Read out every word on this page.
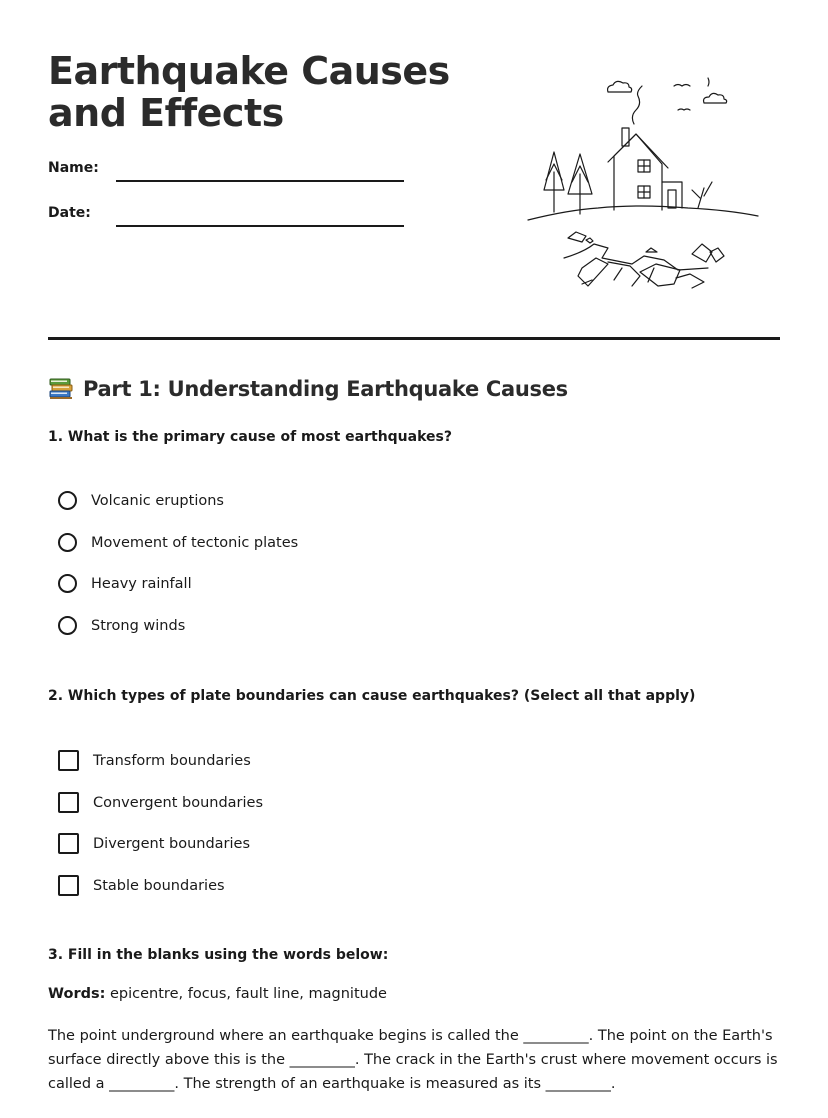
Earthquake Causes and Effects
Name:
Date:
Part 1: Understanding Earthquake Causes

1. What is the primary cause of most earthquakes?

Volcanic eruptions
Movement of tectonic plates
Heavy rainfall
Strong winds

2. Which types of plate boundaries can cause earthquakes? (Select all that apply)

Transform boundaries
Convergent boundaries
Divergent boundaries
Stable boundaries

3. Fill in the blanks using the words below:

Words: epicentre, focus, fault line, magnitude

The point underground where an earthquake begins is called the _________. The point on the Earth's surface directly above this is the _________. The crack in the Earth's crust where movement occurs is called a _________. The strength of an earthquake is measured as its _________.
